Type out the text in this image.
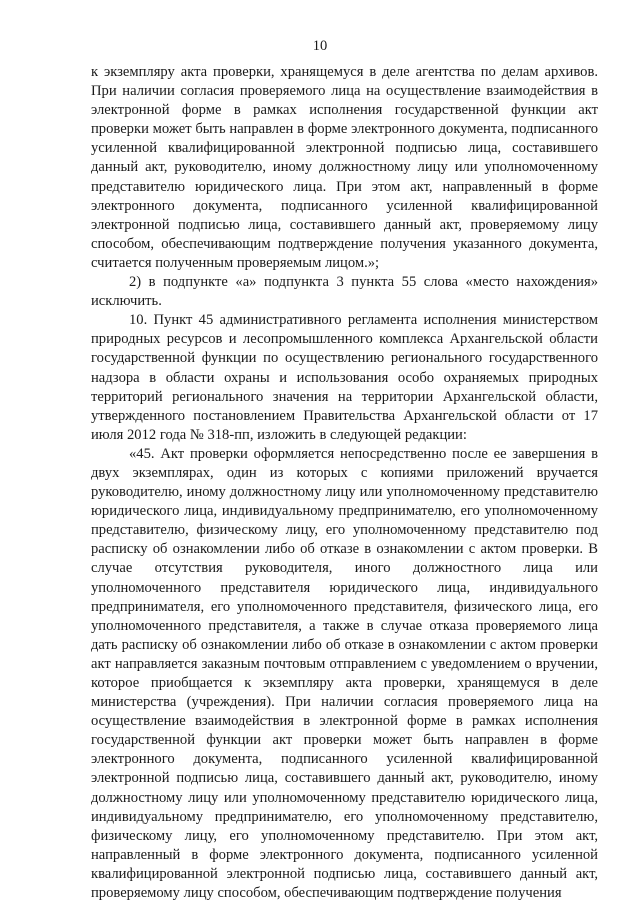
10

к экземпляру акта проверки, хранящемуся в деле агентства по делам архивов. При наличии согласия проверяемого лица на осуществление взаимодействия в электронной форме в рамках исполнения государственной функции акт проверки может быть направлен в форме электронного документа, подписанного усиленной квалифицированной электронной подписью лица, составившего данный акт, руководителю, иному должностному лицу или уполномоченному представителю юридического лица. При этом акт, направленный в форме электронного документа, подписанного усиленной квалифицированной электронной подписью лица, составившего данный акт, проверяемому лицу способом, обеспечивающим подтверждение получения указанного документа, считается полученным проверяемым лицом.»;

2) в подпункте «а» подпункта 3 пункта 55 слова «место нахождения» исключить.

10. Пункт 45 административного регламента исполнения министерством природных ресурсов и лесопромышленного комплекса Архангельской области государственной функции по осуществлению регионального государственного надзора в области охраны и использования особо охраняемых природных территорий регионального значения на территории Архангельской области, утвержденного постановлением Правительства Архангельской области от 17 июля 2012 года № 318-пп, изложить в следующей редакции:

«45. Акт проверки оформляется непосредственно после ее завершения в двух экземплярах, один из которых с копиями приложений вручается руководителю, иному должностному лицу или уполномоченному представителю юридического лица, индивидуальному предпринимателю, его уполномоченному представителю, физическому лицу, его уполномоченному представителю под расписку об ознакомлении либо об отказе в ознакомлении с актом проверки. В случае отсутствия руководителя, иного должностного лица или уполномоченного представителя юридического лица, индивидуального предпринимателя, его уполномоченного представителя, физического лица, его уполномоченного представителя, а также в случае отказа проверяемого лица дать расписку об ознакомлении либо об отказе в ознакомлении с актом проверки акт направляется заказным почтовым отправлением с уведомлением о вручении, которое приобщается к экземпляру акта проверки, хранящемуся в деле министерства (учреждения). При наличии согласия проверяемого лица на осуществление взаимодействия в электронной форме в рамках исполнения государственной функции акт проверки может быть направлен в форме электронного документа, подписанного усиленной квалифицированной электронной подписью лица, составившего данный акт, руководителю, иному должностному лицу или уполномоченному представителю юридического лица, индивидуальному предпринимателю, его уполномоченному представителю, физическому лицу, его уполномоченному представителю. При этом акт, направленный в форме электронного документа, подписанного усиленной квалифицированной электронной подписью лица, составившего данный акт, проверяемому лицу способом, обеспечивающим подтверждение получения
